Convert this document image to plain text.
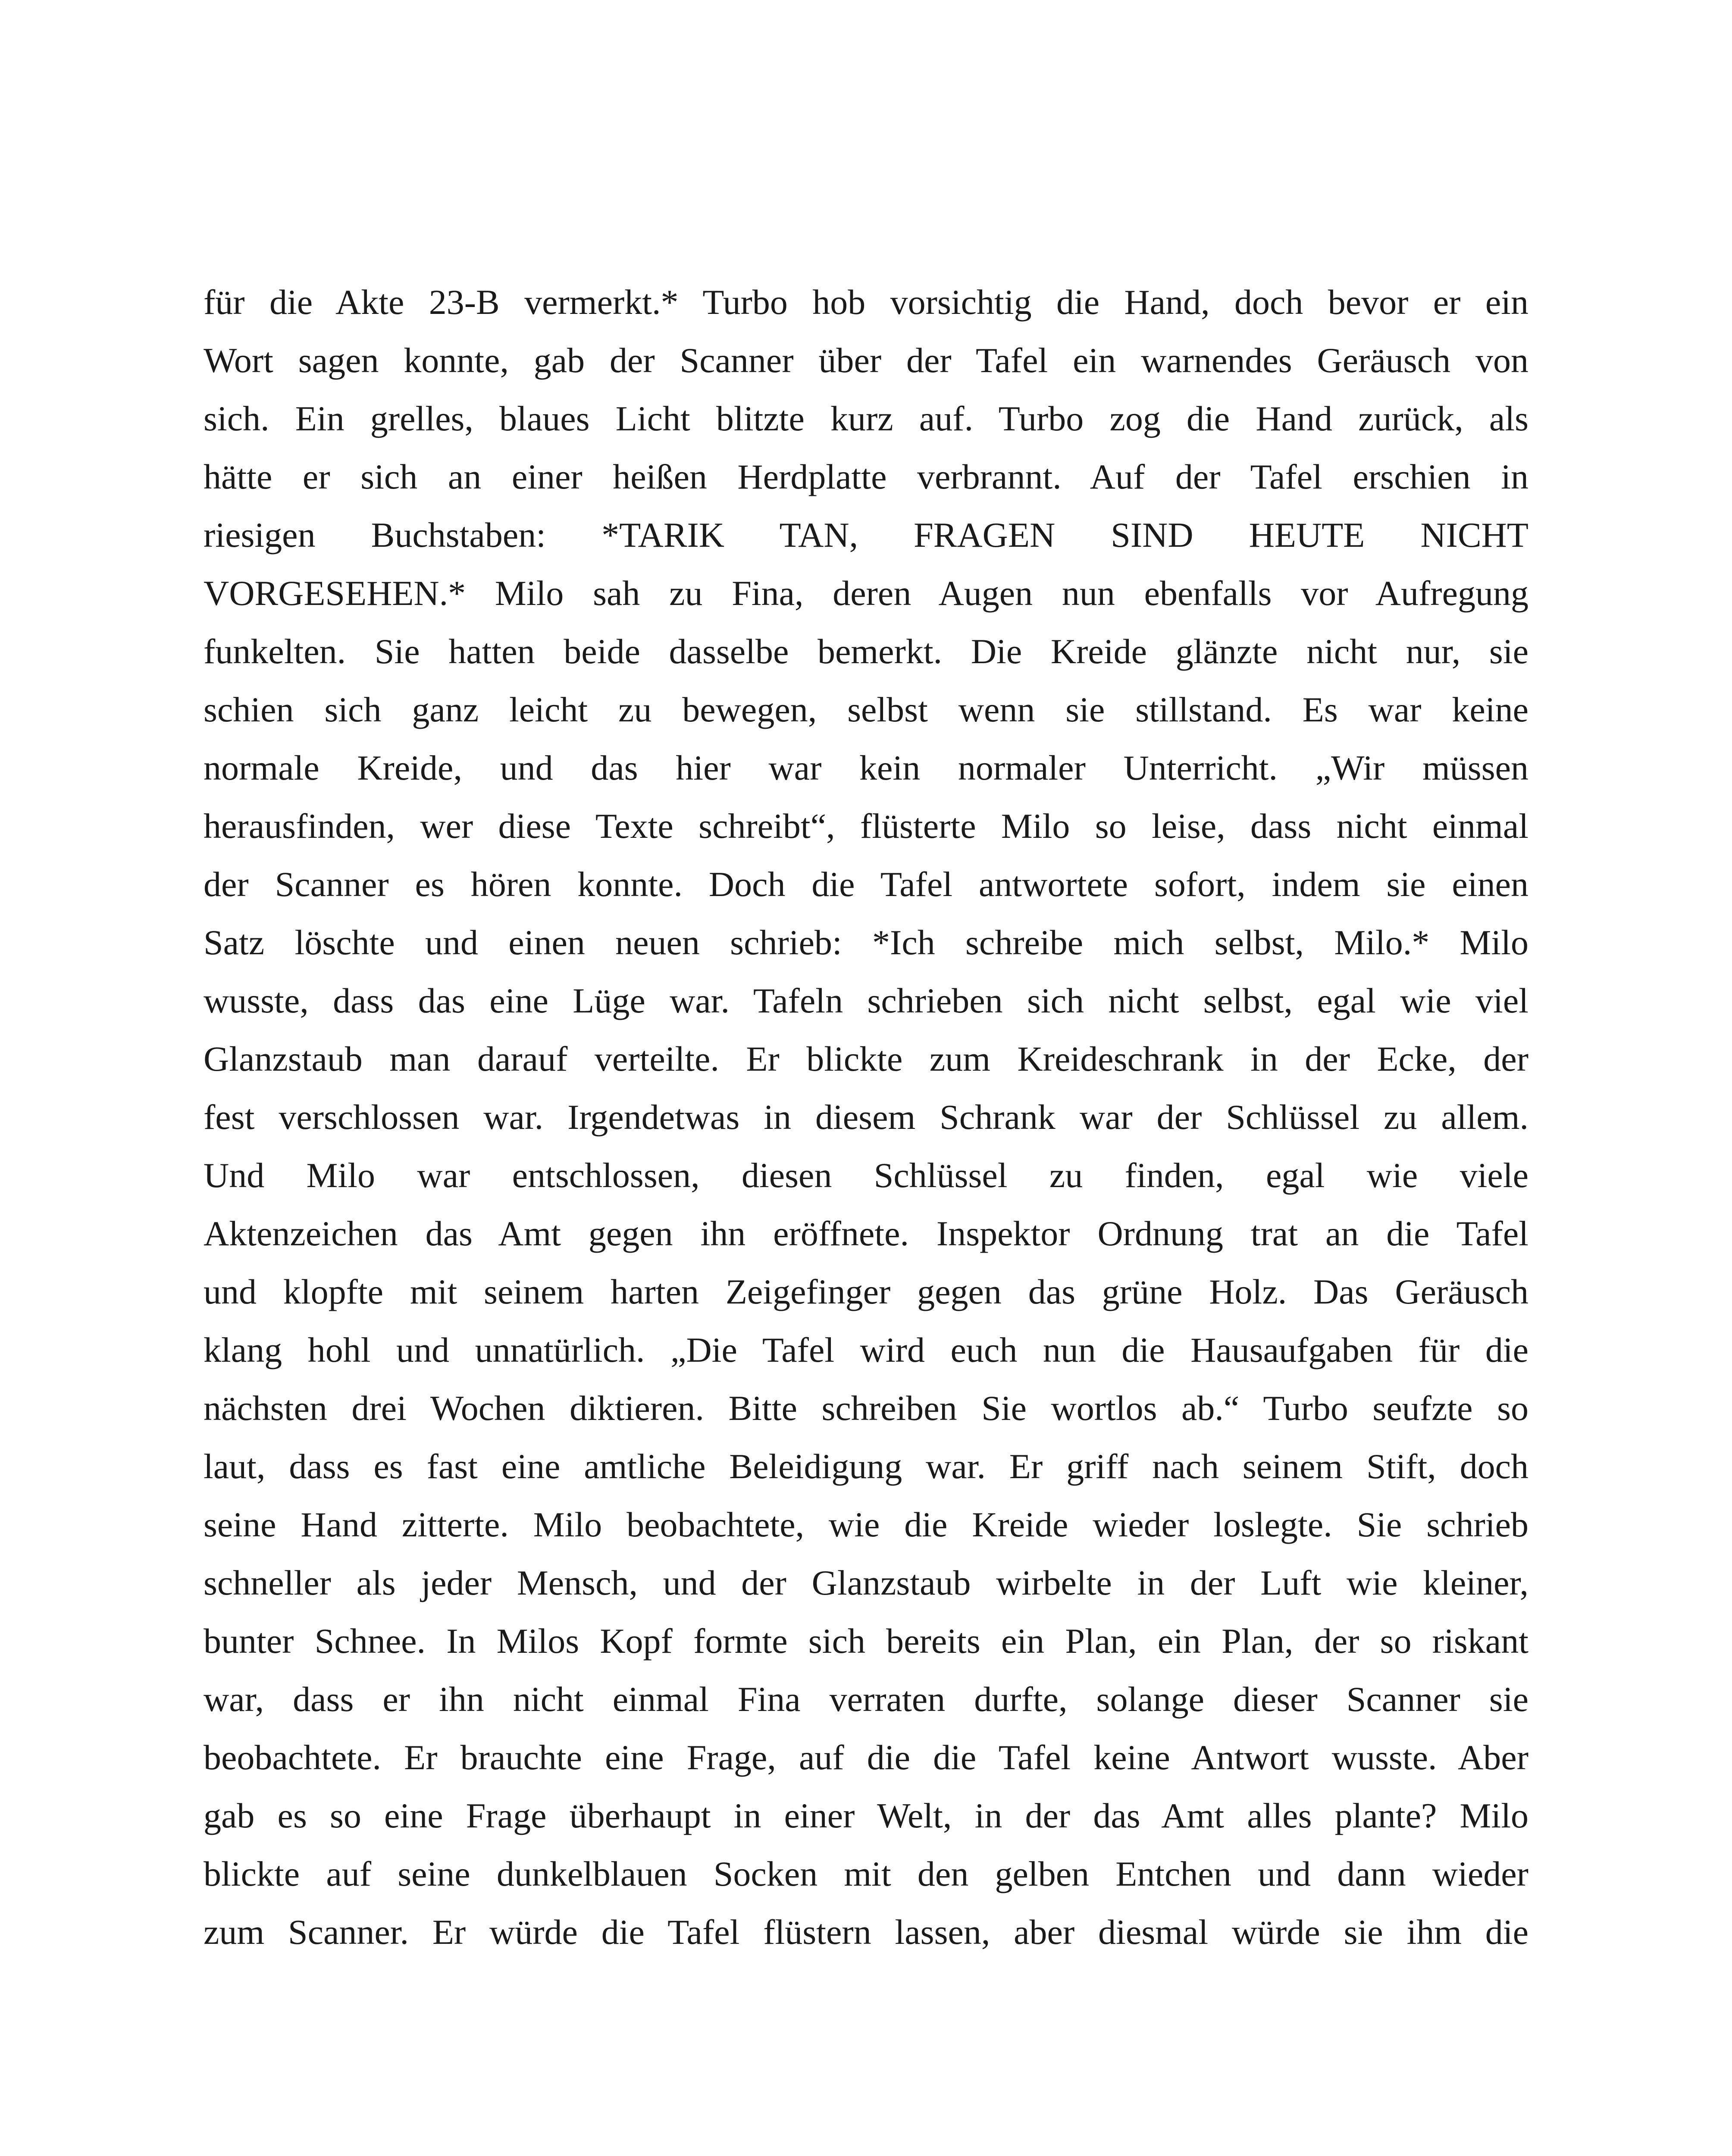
für die Akte 23-B vermerkt.* Turbo hob vorsichtig die Hand, doch bevor er ein
Wort sagen konnte, gab der Scanner über der Tafel ein warnendes Geräusch von
sich. Ein grelles, blaues Licht blitzte kurz auf. Turbo zog die Hand zurück, als
hätte er sich an einer heißen Herdplatte verbrannt. Auf der Tafel erschien in
riesigen Buchstaben: *TARIK TAN, FRAGEN SIND HEUTE NICHT
VORGESEHEN.* Milo sah zu Fina, deren Augen nun ebenfalls vor Aufregung
funkelten. Sie hatten beide dasselbe bemerkt. Die Kreide glänzte nicht nur, sie
schien sich ganz leicht zu bewegen, selbst wenn sie stillstand. Es war keine
normale Kreide, und das hier war kein normaler Unterricht. „Wir müssen
herausfinden, wer diese Texte schreibt“, flüsterte Milo so leise, dass nicht einmal
der Scanner es hören konnte. Doch die Tafel antwortete sofort, indem sie einen
Satz löschte und einen neuen schrieb: *Ich schreibe mich selbst, Milo.* Milo
wusste, dass das eine Lüge war. Tafeln schrieben sich nicht selbst, egal wie viel
Glanzstaub man darauf verteilte. Er blickte zum Kreideschrank in der Ecke, der
fest verschlossen war. Irgendetwas in diesem Schrank war der Schlüssel zu allem.
Und Milo war entschlossen, diesen Schlüssel zu finden, egal wie viele
Aktenzeichen das Amt gegen ihn eröffnete. Inspektor Ordnung trat an die Tafel
und klopfte mit seinem harten Zeigefinger gegen das grüne Holz. Das Geräusch
klang hohl und unnatürlich. „Die Tafel wird euch nun die Hausaufgaben für die
nächsten drei Wochen diktieren. Bitte schreiben Sie wortlos ab.“ Turbo seufzte so
laut, dass es fast eine amtliche Beleidigung war. Er griff nach seinem Stift, doch
seine Hand zitterte. Milo beobachtete, wie die Kreide wieder loslegte. Sie schrieb
schneller als jeder Mensch, und der Glanzstaub wirbelte in der Luft wie kleiner,
bunter Schnee. In Milos Kopf formte sich bereits ein Plan, ein Plan, der so riskant
war, dass er ihn nicht einmal Fina verraten durfte, solange dieser Scanner sie
beobachtete. Er brauchte eine Frage, auf die die Tafel keine Antwort wusste. Aber
gab es so eine Frage überhaupt in einer Welt, in der das Amt alles plante? Milo
blickte auf seine dunkelblauen Socken mit den gelben Entchen und dann wieder
zum Scanner. Er würde die Tafel flüstern lassen, aber diesmal würde sie ihm die
